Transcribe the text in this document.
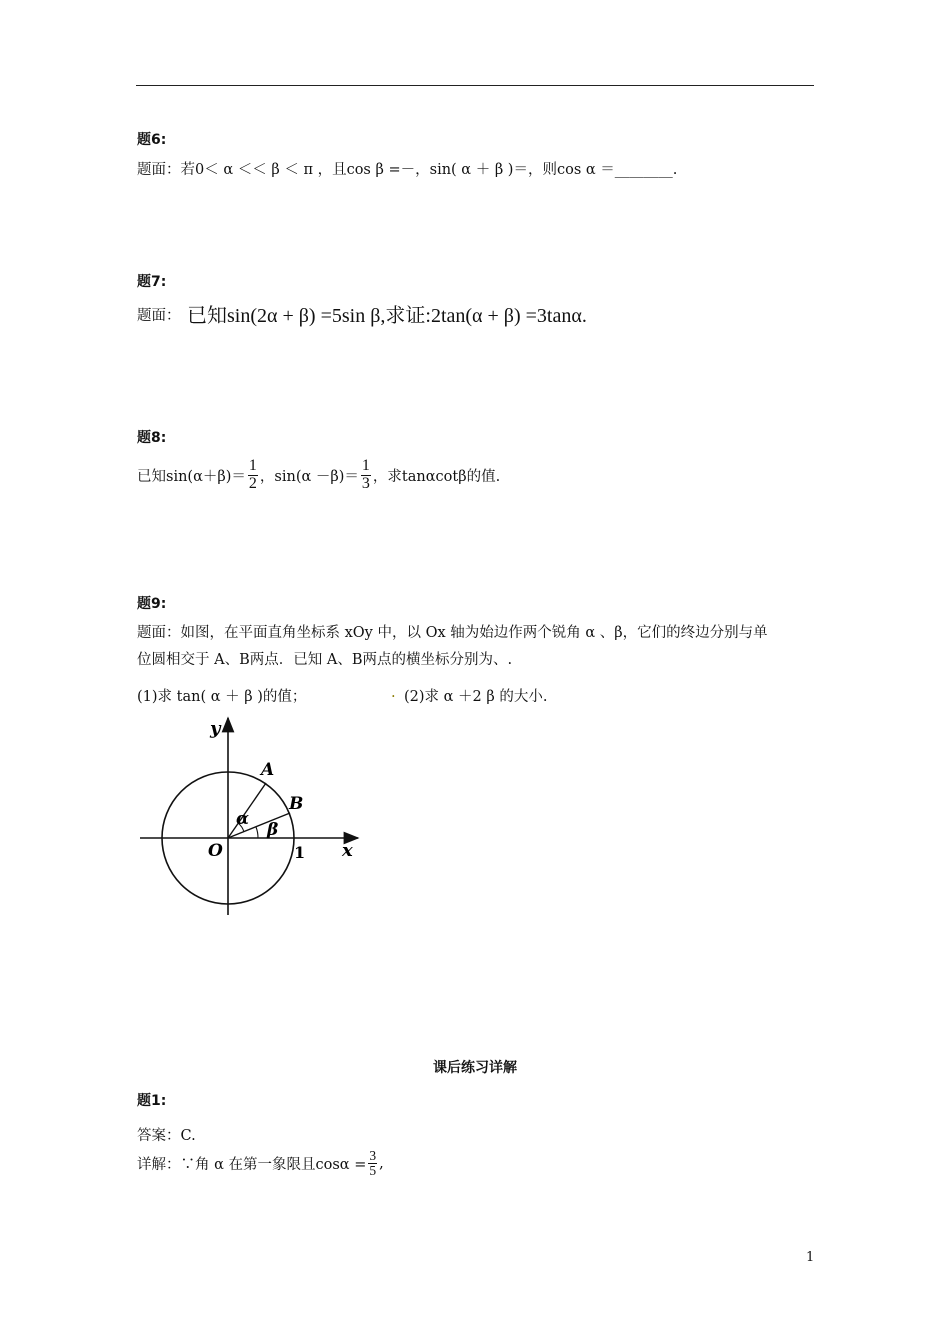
题6:
题面：若0＜ α ＜＜ β ＜ π ，且cos β =－，sin( α ＋ β )＝，则cos α ＝________.
题7:
题面： 已知sin(2α + β) =5sin β,求证:2tan(α + β) =3tanα.
题8:
已知$\sin(\alpha+\beta)= \frac{1}{2}$ ，$\sin(\alpha -\beta)= \frac{1}{3}$ ，求tanαcotβ的值.
题9:
题面：如图，在平面直角坐标系 xOy 中，以 Ox 轴为始边作两个锐角 α 、β，它们的终边分别与单
位圆相交于 A、B两点．已知 A、B两点的横坐标分别为、.
(1)求 tan( α ＋ β )的值；	. (2)求 α ＋2 β 的大小.
y
x
O	1
A
B
α
β
课后练习详解
题1:
答案：C.
详解：∵角 α 在第一象限且$\cos\alpha = \frac{3}{5}$ ,
1
